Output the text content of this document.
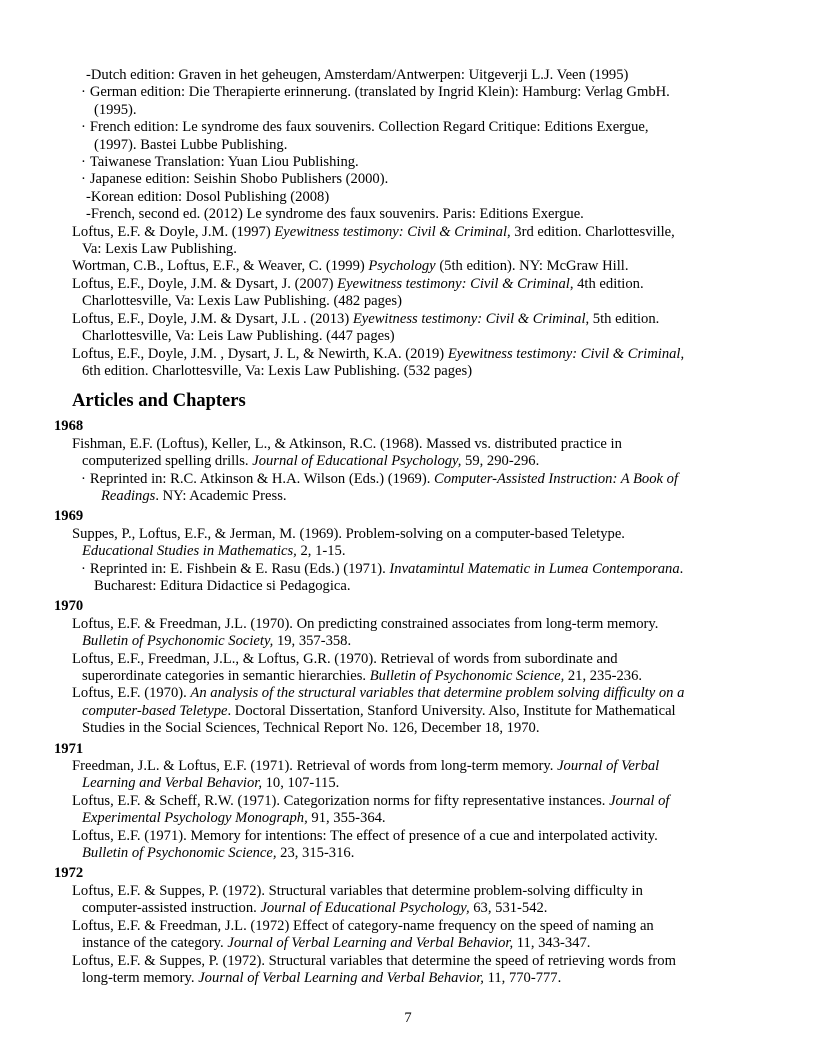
-Dutch edition: Graven in het geheugen, Amsterdam/Antwerpen: Uitgeverji L.J. Veen (1995)
· German edition: Die Therapierte erinnerung. (translated by Ingrid Klein): Hamburg: Verlag GmbH.
(1995).
· French edition: Le syndrome des faux souvenirs. Collection Regard Critique: Editions Exergue,
(1997). Bastei Lubbe Publishing.
· Taiwanese Translation: Yuan Liou Publishing.
· Japanese edition: Seishin Shobo Publishers (2000).
-Korean edition: Dosol Publishing (2008)
-French, second ed. (2012) Le syndrome des faux souvenirs. Paris: Editions Exergue.
Loftus, E.F. & Doyle, J.M. (1997) Eyewitness testimony: Civil & Criminal, 3rd edition. Charlottesville,
Va: Lexis Law Publishing.
Wortman, C.B., Loftus, E.F., & Weaver, C. (1999) Psychology (5th edition). NY: McGraw Hill.
Loftus, E.F., Doyle, J.M. & Dysart, J. (2007) Eyewitness testimony: Civil & Criminal, 4th edition.
Charlottesville, Va: Lexis Law Publishing. (482 pages)
Loftus, E.F., Doyle, J.M. & Dysart, J.L . (2013) Eyewitness testimony: Civil & Criminal, 5th edition.
Charlottesville, Va: Leis Law Publishing. (447 pages)
Loftus, E.F., Doyle, J.M. , Dysart, J. L, & Newirth, K.A. (2019) Eyewitness testimony: Civil & Criminal,
6th edition. Charlottesville, Va: Lexis Law Publishing. (532 pages)
Articles and Chapters
1968
Fishman, E.F. (Loftus), Keller, L., & Atkinson, R.C. (1968). Massed vs. distributed practice in
computerized spelling drills. Journal of Educational Psychology, 59, 290-296.
· Reprinted in: R.C. Atkinson & H.A. Wilson (Eds.) (1969). Computer-Assisted Instruction: A Book of
Readings. NY: Academic Press.
1969
Suppes, P., Loftus, E.F., & Jerman, M. (1969). Problem-solving on a computer-based Teletype.
Educational Studies in Mathematics, 2, 1-15.
· Reprinted in: E. Fishbein & E. Rasu (Eds.) (1971). Invatamintul Matematic in Lumea Contemporana.
Bucharest: Editura Didactice si Pedagogica.
1970
Loftus, E.F. & Freedman, J.L. (1970). On predicting constrained associates from long-term memory.
Bulletin of Psychonomic Society, 19, 357-358.
Loftus, E.F., Freedman, J.L., & Loftus, G.R. (1970). Retrieval of words from subordinate and
superordinate categories in semantic hierarchies. Bulletin of Psychonomic Science, 21, 235-236.
Loftus, E.F. (1970). An analysis of the structural variables that determine problem solving difficulty on a
computer-based Teletype. Doctoral Dissertation, Stanford University. Also, Institute for Mathematical
Studies in the Social Sciences, Technical Report No. 126, December 18, 1970.
1971
Freedman, J.L. & Loftus, E.F. (1971). Retrieval of words from long-term memory. Journal of Verbal
Learning and Verbal Behavior, 10, 107-115.
Loftus, E.F. & Scheff, R.W. (1971). Categorization norms for fifty representative instances. Journal of
Experimental Psychology Monograph, 91, 355-364.
Loftus, E.F. (1971). Memory for intentions: The effect of presence of a cue and interpolated activity.
Bulletin of Psychonomic Science, 23, 315-316.
1972
Loftus, E.F. & Suppes, P. (1972). Structural variables that determine problem-solving difficulty in
computer-assisted instruction. Journal of Educational Psychology, 63, 531-542.
Loftus, E.F. & Freedman, J.L. (1972) Effect of category-name frequency on the speed of naming an
instance of the category. Journal of Verbal Learning and Verbal Behavior, 11, 343-347.
Loftus, E.F. & Suppes, P. (1972). Structural variables that determine the speed of retrieving words from
long-term memory. Journal of Verbal Learning and Verbal Behavior, 11, 770-777.
7
